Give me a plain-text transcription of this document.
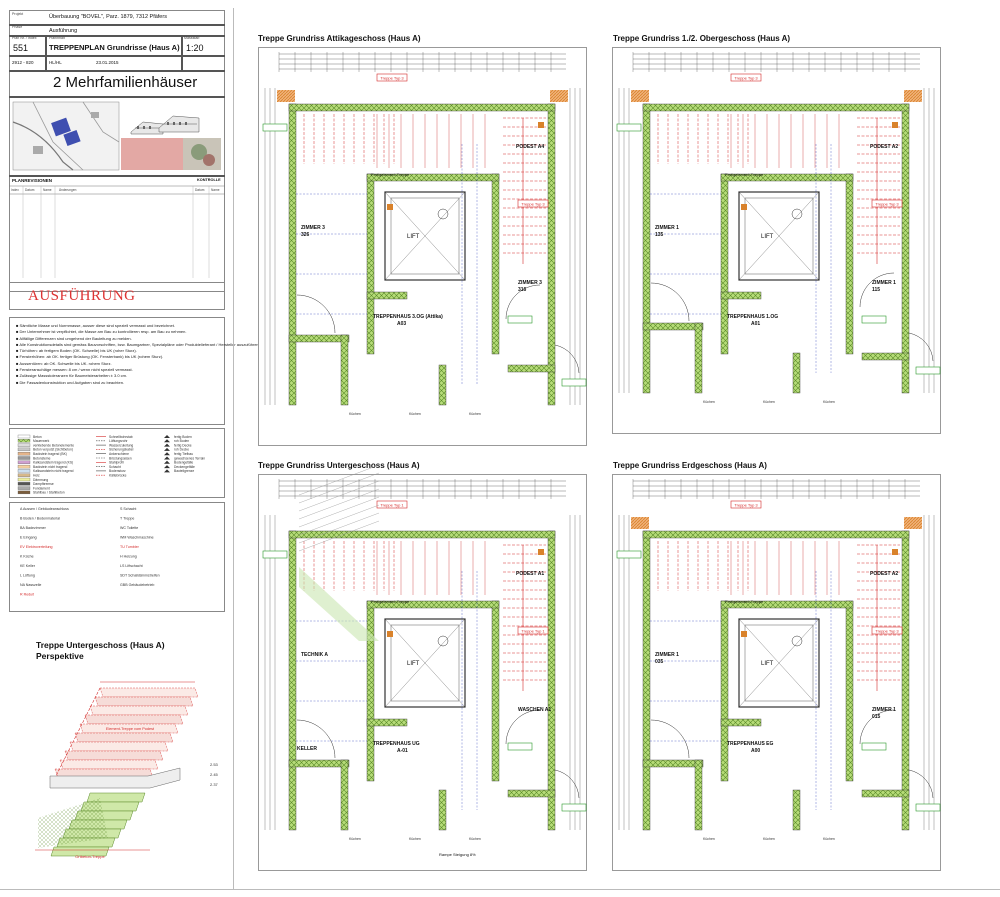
Projekt	Überbauung "BOVEL", Parz. 1879, 7312 Pfäfers
Phase
Ausführung
Plan Nr. / Index	Planinhalt	Massstab
551	TREPPENPLAN Grundrisse (Haus A) 1:20
2912 - 820	HL/HL	23.01.2015
2 Mehrfamilienhäuser
PLANREVISIONEN	KONTROLLE
Index Datum	Name Änderungen	Datum Name
AUSFÜHRUNG
■ Sämtliche Masse und Normmasse, ausser diese sind speziell vermasst und bezeichnet.
■ Der Unternehmer ist verpflichtet, die Masse am Bau zu kontrollieren resp. am Bau zu nehmen.
■ Allfällige Differenzen sind umgehend der Bauleitung zu melden.
■ Alle Konstruktionsdetails sind gemäss Bauvorschriften, bzw. Baumgartner, Spezialpläne oder Produktelieferant / Hersteller auszuführen.
■ Türhöhen: ab fertigem Boden (OK. Schwelle) bis UK (roher Sturz).
■ Fensterhöhen: ab OK. fertiger Brüstung (OK. Fensterbank) bis UK (rohem Sturz).
■ Aussentüren: ab OK. Schwelle bis UK. rohem Sturz.
■ Fensteranschläge messen: 8 cm / wenn nicht speziell vermasst.
■ Zulässige Massstoleranzen für Baumeisterarbeiten ± 3.0 cm.
■ Die Fassadenkonstruktion und Aufgaben sind zu beachten.
Beton
Mauerwerk
verklebende Betonelemente
Beton verputzt (Sichtbeton)
Backstein tragend (BK)
Betonsteine
Kalksandstein tragend (KS)
Backstein nicht tragend
Kalksandstein nicht tragend
Holz
Dämmung
Dampfbremse
Fundament
Stahlbau / Stahlbeton
Schnellbohrstab
Lüftungsrohr
Wasserzuleitung
Sicherungskabel
Ankerschiene
Brüstungseisen
Stahlprofil
Schacht
Bodensturz
Kältebrücke
fertig Boden
roh Boden
fertig Decke
roh Decke
fertig Tiefbau
gewachsenes Terrain
Bodengefälle
Deckengefälle
Bauteilgrenze
A Aussen / Gebäudeanschluss
B Boden / Bodenmaterial
BA Badezimmer
E Eingang
EV Elektroverteilung
K Küche
KE Keller
L Lüftung
NA Nasszelle
R Reduit
S Schacht
T Treppe
WC Toilette
WM Waschmaschine
TU Tumbler
H Heizung
LS Liftschacht
SDT Schalldämmstreifen
GBB Gebäudebetrieb
Treppe Untergeschoss (Haus A)
Perspektive
Ortbeton-Treppe
Element-Treppe vom Podest
2.53
2.45
2.37
Treppe Grundriss Attikageschoss (Haus A)	Treppe Grundriss 1./2. Obergeschoss (Haus A)
Treppe Grundriss Untergeschoss (Haus A)	Treppe Grundriss Erdgeschoss (Haus A)
LIFT
PODEST A4
ZIMMER 3
326
ZIMMER 3
316
TREPPENHAUS 3.OG (Attika)
A03
Fertigelement-Treppe
Treppe Typ 3
Treppe Typ 3
Küchen	Küchen	Küchen
LIFT
PODEST A2
ZIMMER 1
135
ZIMMER 1
115
TREPPENHAUS 1.OG
A01
Fertigelement-Treppe
Treppe Typ 3
Treppe Typ 3
Küchen	Küchen	Küchen
LIFT
PODEST A1
TECHNIK A
WASCHEN A1
TREPPENHAUS UG
A-01
Fertigelement-Treppe
Treppe Typ 1
Treppe Typ 1
KELLER
Rampe Steigung 8%
Küchen	Küchen	Küchen
LIFT
PODEST A2
ZIMMER 1
035
ZIMMER 1
015
TREPPENHAUS EG
A00
Fertigelement-Treppe
Treppe Typ 3
Treppe Typ 3
Küchen	Küchen	Küchen
